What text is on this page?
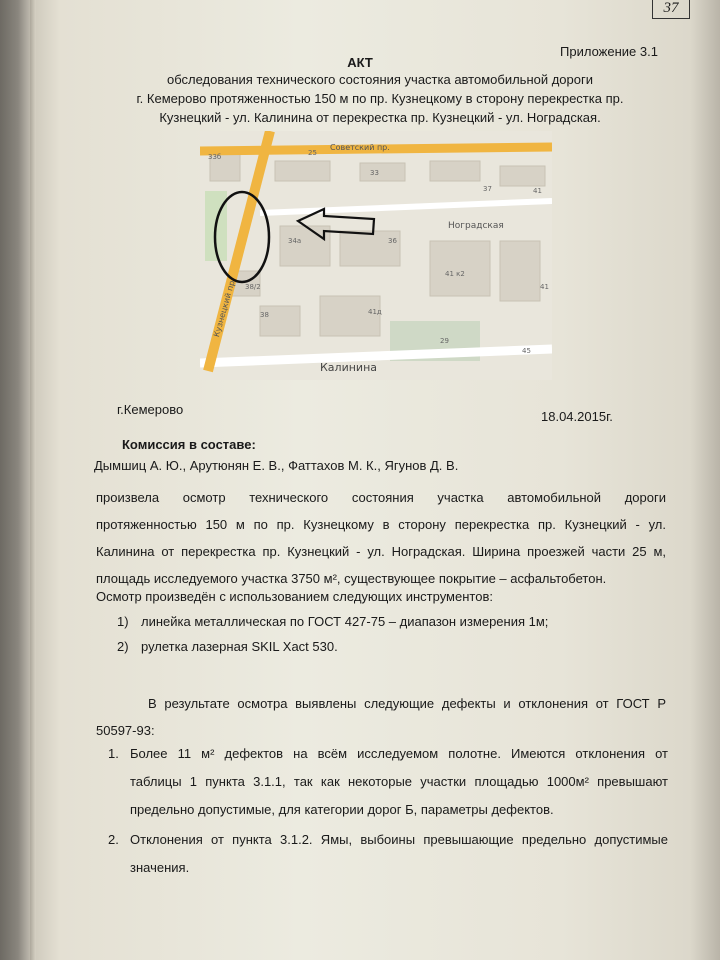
37
Приложение 3.1
АКТ
обследования технического состояния участка автомобильной дороги
г. Кемерово протяженностью 150 м по пр. Кузнецкому в сторону перекрестка пр.
Кузнецкий - ул. Калинина от перекрестка пр. Кузнецкий - ул. Ноградская.
Ноградская
Калинина
Кузнецкий пр.
Советский пр.
33б	25
33
37	41
34а	36
41 к2
38/2	41
41д
45
38
29
г.Кемерово	18.04.2015г.
Комиссия в составе:
Дымшиц А. Ю., Арутюнян Е. В., Фаттахов М. К., Ягунов Д. В.
произвела осмотр технического состояния участка автомобильной дороги
протяженностью 150 м по пр. Кузнецкому в сторону перекрестка пр. Кузнецкий - ул.
Калинина от перекрестка пр. Кузнецкий - ул. Ноградская. Ширина проезжей части 25 м,
площадь исследуемого участка 3750 м², существующее покрытие – асфальтобетон.
Осмотр произведён с использованием следующих инструментов:
1) линейка металлическая по ГОСТ 427-75 – диапазон измерения 1м;
2) рулетка лазерная SKIL Xact 530.
В результате осмотра выявлены следующие дефекты и отклонения от ГОСТ Р
50597-93:
1. Более 11 м² дефектов на всём исследуемом полотне. Имеются отклонения от
таблицы 1 пункта 3.1.1, так как некоторые участки площадью 1000м² превышают
предельно допустимые, для категории дорог Б, параметры дефектов.
2. Отклонения от пункта 3.1.2. Ямы, выбоины превышающие предельно допустимые
значения.
